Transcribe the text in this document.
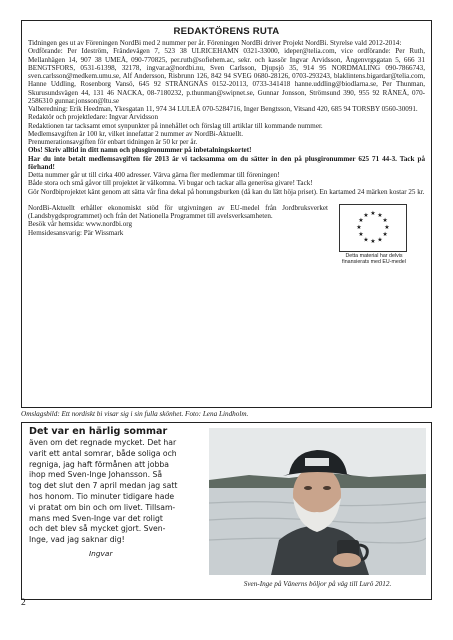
REDAKTÖRENS RUTA

Tidningen ges ut av Föreningen NordBi med 2 nummer per år. Föreningen NordBi driver Projekt NordBi. Styrelse vald 2012-2014:

Ordförande: Per Ideström, Frändevägen 7, 523 38 ULRICEHAMN 0321-33000, ideper@telia.com, vice ordförande: Per Ruth, Mellanhägen 14, 907 38 UMEÅ, 090-770825, per.ruth@sofiehem.ac, sekr. och kassör Ingvar Arvidsson, Ängenvrgsgatan 5, 666 31 BENGTSFORS, 0531-61398, 32178, ingvar.a@nordbi.nu, Sven Carlsson, Djupsjö 35, 914 95 NORDMALING 090-7866743, sven.carlsson@medkem.umu.se, Alf Andersson, Risbrunn 126, 842 94 SVEG 0680-28126, 0703-293243, blaklintens.bigardar@telia.com, Hanne Uddling, Rosenborg Vansö, 645 92 STRÄNGNÄS 0152-20113, 0733-341418 hanne.uddling@biodlarna.se, Per Thunman, Skurusundsvägen 44, 131 46 NACKA, 08-7180232, p.thunman@swipnet.se, Gunnar Jonsson, Strömsund 390, 955 92 RÅNEÅ, 070-2586310 gunnar.jonsson@ltu.se

Valberedning: Erik Heedman, Ykesgatan 11, 974 34 LULEÅ 070-5284716, Inger Bengtsson, Vitsand 420, 685 94 TORSBY 0560-30091.

Redaktör och projektledare: Ingvar Arvidsson

Redaktionen tar tacksamt emot synpunkter på innehållet och förslag till artiklar till kommande nummer.

Medlemsavgiften är 100 kr, vilket innefattar 2 nummer av NordBi-Aktuellt.

Prenumerationsavgiften för enbart tidningen är 50 kr per år.

Obs! Skriv alltid in ditt namn och plusgironummer på inbetalningskortet!

Har du inte betalt medlemsavgiften för 2013 är vi tacksamma om du sätter in den på plusgironummer 625 71 44-3. Tack på förhand!

Detta nummer går ut till cirka 400 adresser. Värva gärna fler medlemmar till föreningen!

Både stora och små gåvor till projektet är välkomna. Vi bugar och tackar alla generösa givare! Tack!

Gör Nordbiprojektet känt genom att sätta vår fina dekal på honungsburken (då kan du lätt höja priset). En kartamed 24 märken kostar 25 kr.

NordBi-Aktuellt erhåller ekonomiskt stöd för utgivningen av EU-medel från Jordbruksverket (Landsbygdsprogrammet) och från det Nationella Programmet till avelsverksamheten.

Besök vår hemsida: www.nordbi.org

Hemsidesansvarig: Pär Wissmark

★ ★
★
★
★
★
★
★
★
★
★
★
Detta material har delvis
finansierats med EU-medel
Omslagsbild: Ett nordiskt bi visar sig i sin fulla skönhet. Foto: Lena Lindholm.

Det var en härlig sommar

även om det regnade mycket. Det har

varit ett antal somrar, både soliga och

regniga, jag haft förmånen att jobba

ihop med Sven-Inge Johansson. Så

tog det slut den 7 april medan jag satt

hos honom. Tio minuter tidigare hade

vi pratat om bin och om livet. Tillsam-

mans med Sven-Inge var det roligt

och det blev så mycket gjort. Sven-

Inge, vad jag saknar dig!

Ingvar

Sven-Inge på Vänerns böljor på väg till Lurö 2012.
2
